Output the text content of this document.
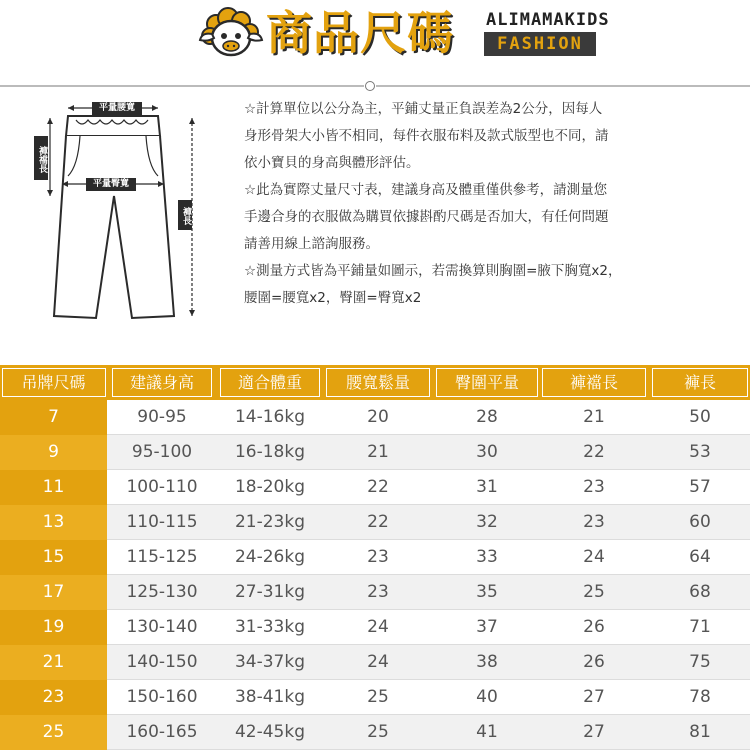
商品尺碼 ALIMAMAKIDS
FASHION
平量腰寬
平量臀寬
褲襠長
褲長

☆計算單位以公分為主，平鋪丈量正負誤差為2公分，因每人

身形骨架大小皆不相同，每件衣服布料及款式版型也不同，請

依小寶貝的身高與體形評估。

☆此為實際丈量尺寸表，建議身高及體重僅供參考，請測量您

手邊合身的衣服做為購買依據斟酌尺碼是否加大，有任何問題

請善用線上諮詢服務。

☆測量方式皆為平鋪量如圖示，若需換算則胸圍=腋下胸寬x2，

腰圍=腰寬x2，臀圍=臀寬x2

吊牌尺碼	建議身高	適合體重	腰寬鬆量	臀圍平量	褲襠長	褲長
7	90-95	14-16kg	20	28	21	50
9	95-100	16-18kg	21	30	22	53
11	100-110	18-20kg	22	31	23	57
13	110-115	21-23kg	22	32	23	60
15	115-125	24-26kg	23	33	24	64
17	125-130	27-31kg	23	35	25	68
19	130-140	31-33kg	24	37	26	71
21	140-150	34-37kg	24	38	26	75
23	150-160	38-41kg	25	40	27	78
25	160-165	42-45kg	25	41	27	81
